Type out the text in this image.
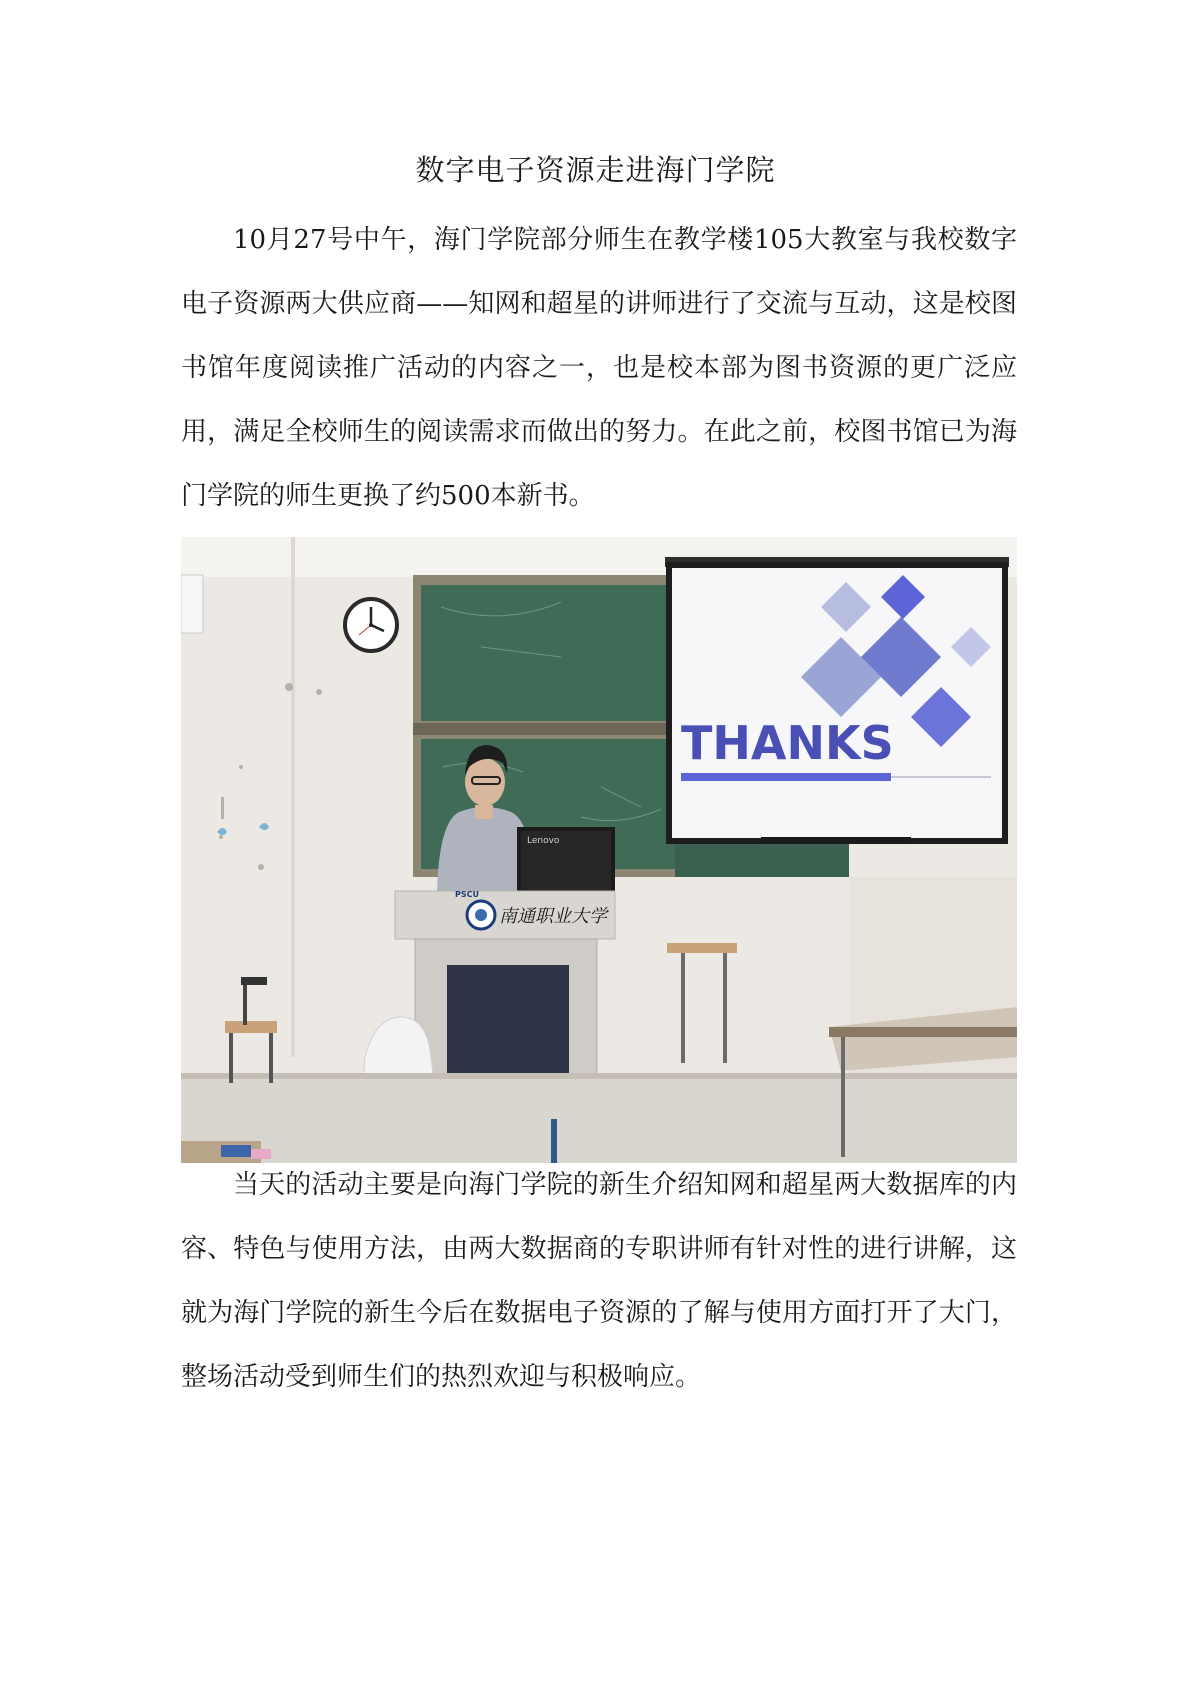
数字电子资源走进海门学院

10月27号中午，海门学院部分师生在教学楼105大教室与我校数字电子资源两大供应商——知网和超星的讲师进行了交流与互动，这是校图书馆年度阅读推广活动的内容之一，也是校本部为图书资源的更广泛应用，满足全校师生的阅读需求而做出的努力。在此之前，校图书馆已为海门学院的师生更换了约500本新书。

THANKS
Lenovo
PSCU
南通职业大学

当天的活动主要是向海门学院的新生介绍知网和超星两大数据库的内容、特色与使用方法，由两大数据商的专职讲师有针对性的进行讲解，这就为海门学院的新生今后在数据电子资源的了解与使用方面打开了大门，整场活动受到师生们的热烈欢迎与积极响应。
